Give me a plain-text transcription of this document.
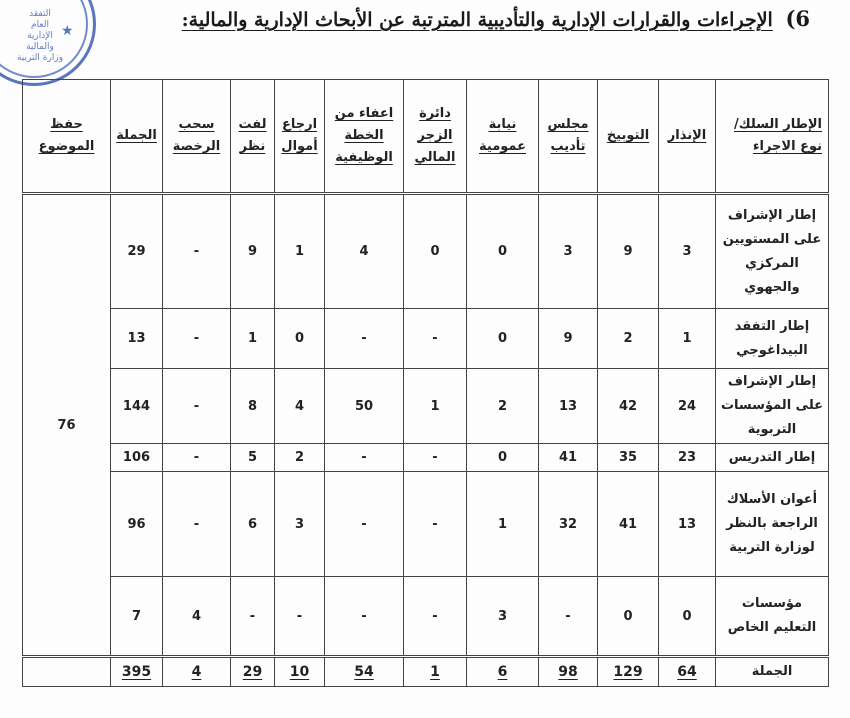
التفقد
العام
الإدارية
والمالية
وزارة التربية
★	6) الإجراءات والقرارات الإدارية والتأديبية المترتبة عن الأبحاث الإدارية والمالية:
الإطار السلك/نوع الاجراء	الإنذار	التوبيخ	مجلس تأديب	نيابة عمومية	دائرة الزجر المالي	اعفاء من الخطة الوظيفية	ارجاع أموال	لفت نظر	سحب الرخصة	الجملة	حفظ الموضوع
إطار الإشراف على المستويين المركزي والجهوي	3	9	3	0	0	4	1	9	-	29	76
إطار التفقد البيداغوجي	1	2	9	0	-	-	0	1	-	13	
إطار الإشراف على المؤسسات التربوية	24	42	13	2	1	50	4	8	-	144	
إطار التدريس	23	35	41	0	-	-	2	5	-	106	
أعوان الأسلاك الراجعة بالنظر لوزارة التربية	13	41	32	1	-	-	3	6	-	96	
مؤسسات التعليم الخاص	0	0	-	3	-	-	-	-	4	7	
الجملة	64	129	98	6	1	54	10	29	4	395	
